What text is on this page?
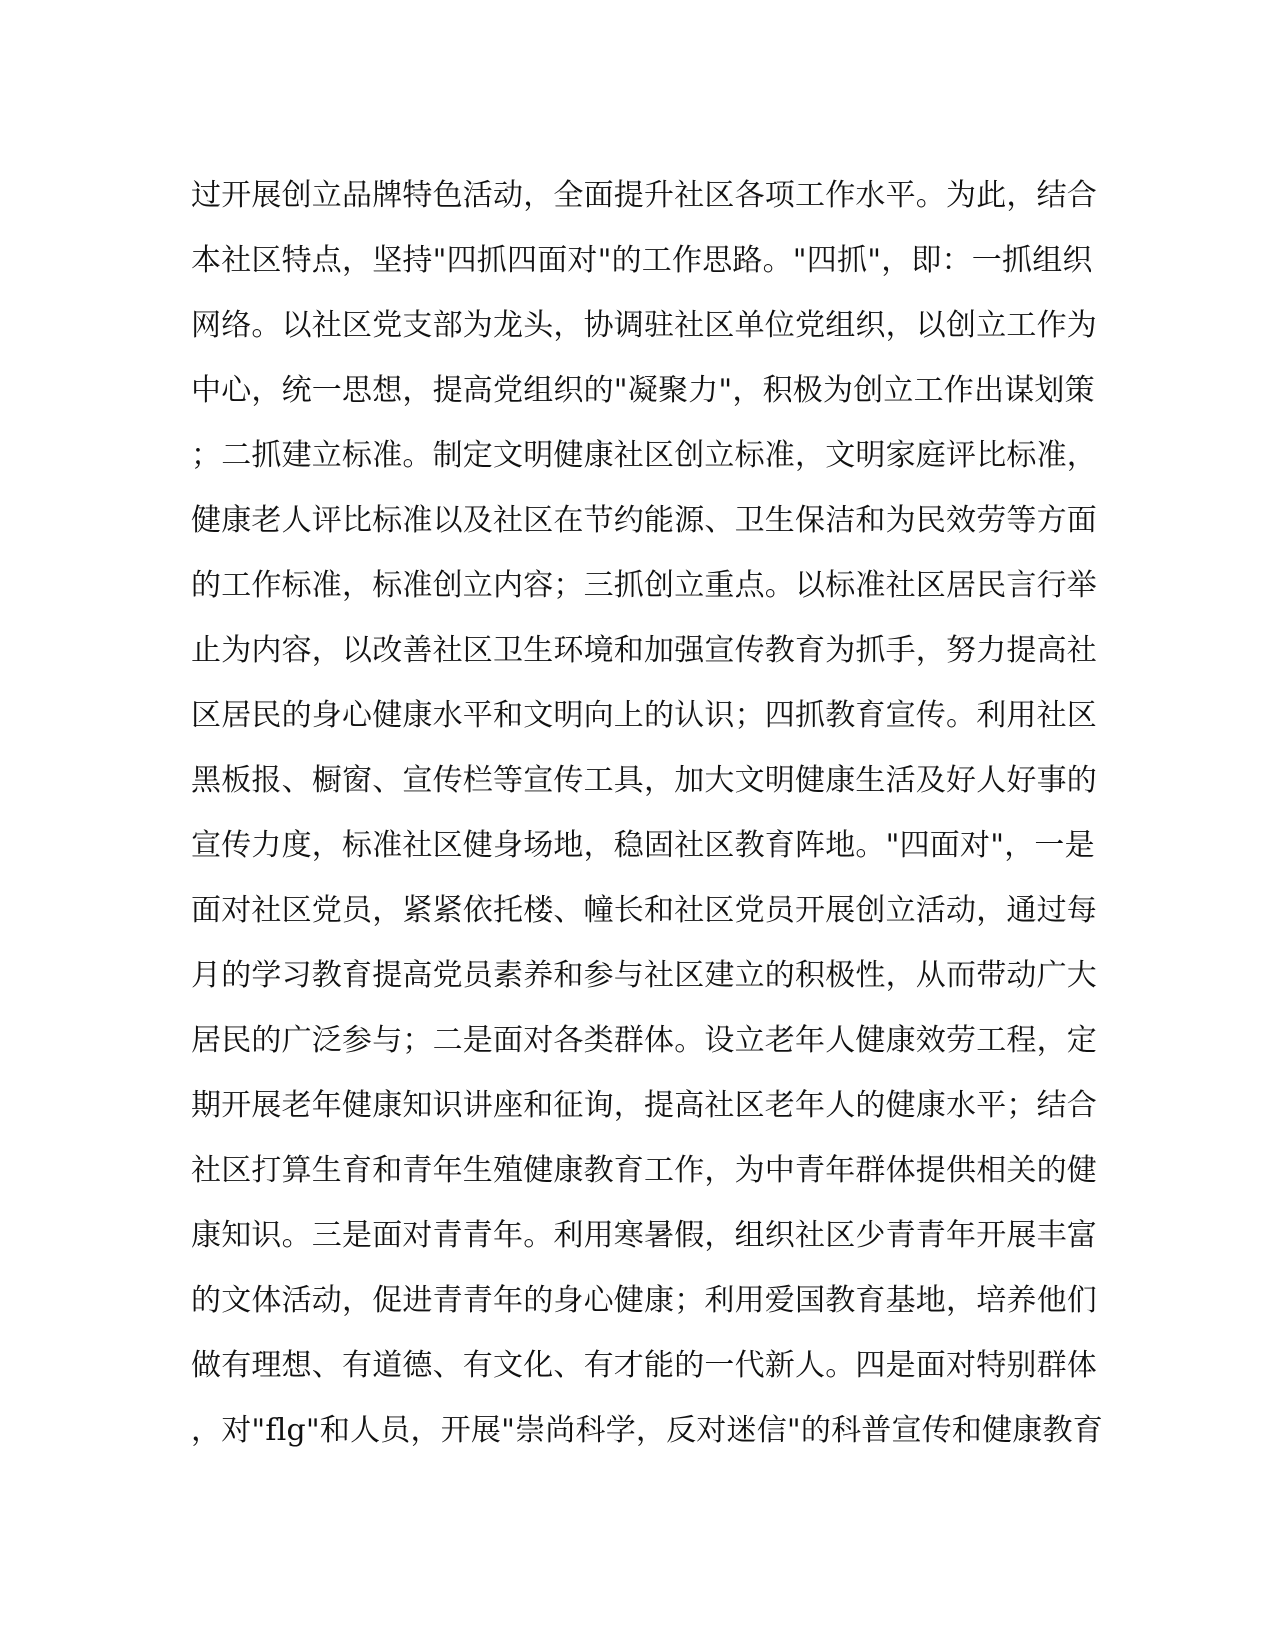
过开展创立品牌特色活动，全面提升社区各项工作水平。为此，结合
本社区特点，坚持"四抓四面对"的工作思路。"四抓"，即：一抓组织
网络。以社区党支部为龙头，协调驻社区单位党组织，以创立工作为
中心，统一思想，提高党组织的"凝聚力"，积极为创立工作出谋划策
；二抓建立标准。制定文明健康社区创立标准，文明家庭评比标准，
健康老人评比标准以及社区在节约能源、卫生保洁和为民效劳等方面
的工作标准，标准创立内容；三抓创立重点。以标准社区居民言行举
止为内容，以改善社区卫生环境和加强宣传教育为抓手，努力提高社
区居民的身心健康水平和文明向上的认识；四抓教育宣传。利用社区
黑板报、橱窗、宣传栏等宣传工具，加大文明健康生活及好人好事的
宣传力度，标准社区健身场地，稳固社区教育阵地。"四面对"，一是
面对社区党员，紧紧依托楼、幢长和社区党员开展创立活动，通过每
月的学习教育提高党员素养和参与社区建立的积极性，从而带动广大
居民的广泛参与；二是面对各类群体。设立老年人健康效劳工程，定
期开展老年健康知识讲座和征询，提高社区老年人的健康水平；结合
社区打算生育和青年生殖健康教育工作，为中青年群体提供相关的健
康知识。三是面对青青年。利用寒暑假，组织社区少青青年开展丰富
的文体活动，促进青青年的身心健康；利用爱国教育基地，培养他们
做有理想、有道德、有文化、有才能的一代新人。四是面对特别群体
，对"flg"和人员，开展"崇尚科学，反对迷信"的科普宣传和健康教育
